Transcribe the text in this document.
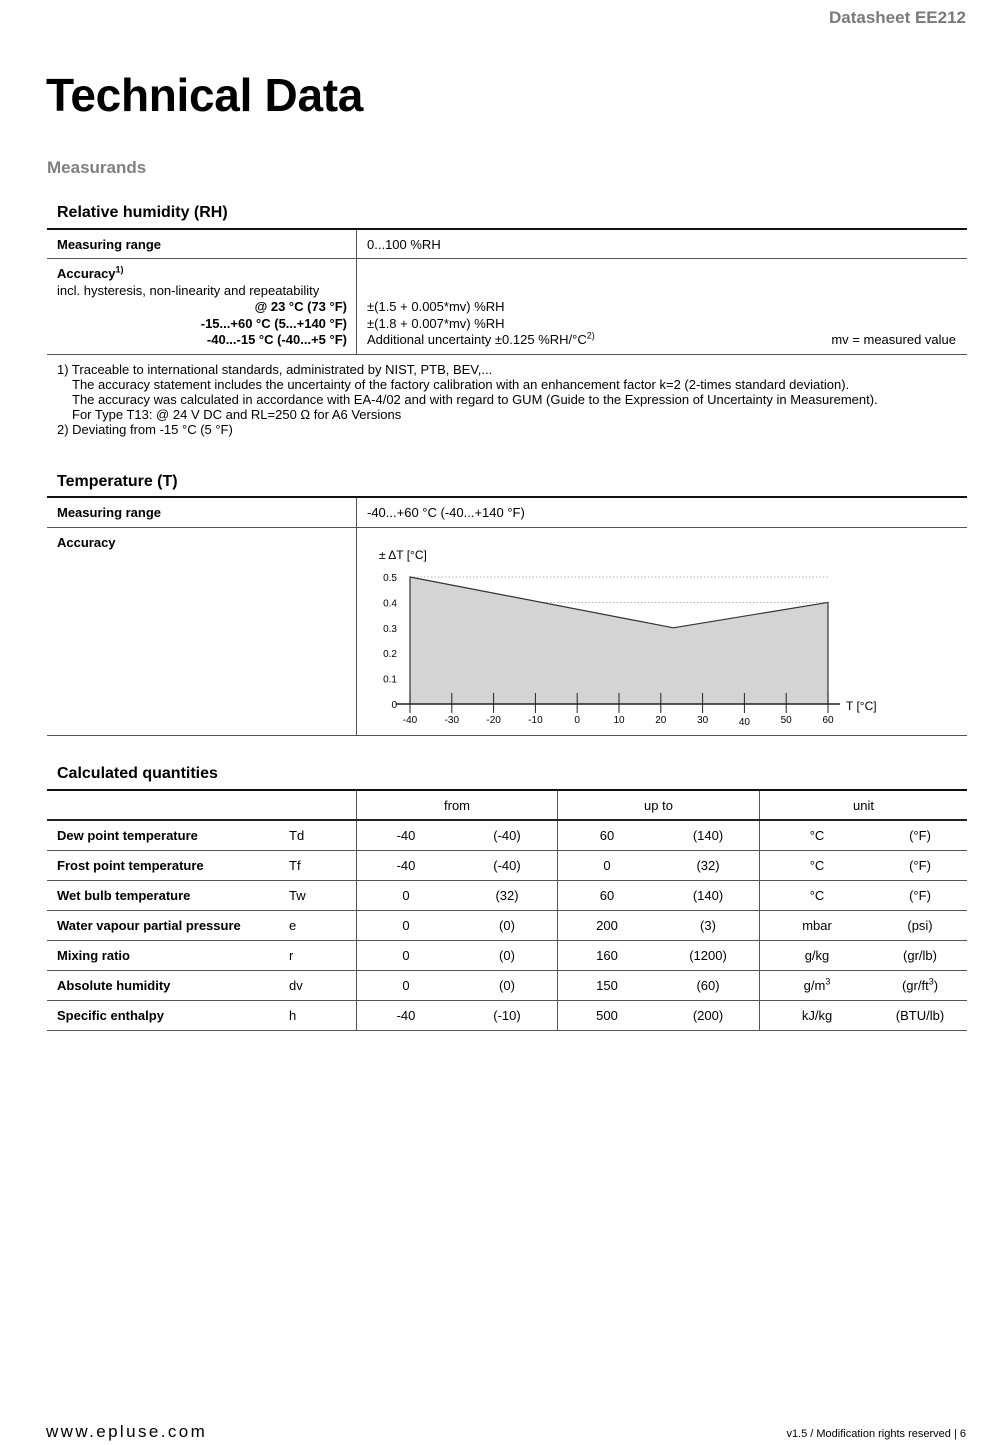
Datasheet EE212
Technical Data
Measurands
Relative humidity (RH)
Measuring range	0...100 %RH
Accuracy$^{1)}$
incl. hysteresis, non-linearity and repeatability
@ 23 °C (73 °F) ±(1.5 + 0.005*mv) %RH
-15...+60 °C (5...+140 °F) ±(1.8 + 0.007*mv) %RH
-40...-15 °C (-40...+5 °F) Additional uncertainty ±0.125 $\%RH/^\circ C^{2)}$	mv = measured value
1) Traceable to international standards, administrated by NIST, PTB, BEV,...
The accuracy statement includes the uncertainty of the factory calibration with an enhancement factor k=2 (2-times standard deviation).
The accuracy was calculated in accordance with EA-4/02 and with regard to GUM (Guide to the Expression of Uncertainty in Measurement).
For Type T13: @ 24 V DC and RL=250 Ω for A6 Versions
2) Deviating from -15 °C (5 °F)
Temperature (T)
Measuring range	-40...+60 °C (-40...+140 °F)
Accuracy
-40	-30	-20	-10	0	10	20	30	40	50	60
0
0.1
0.2
0.3
0.4
0.5
± ΔT [°C]
T [°C]
Calculated quantities
from	up to	unit
Dew point temperature	Td	-40	(-40)	60	(140)	°C	(°F)
Frost point temperature	Tf	-40	(-40)	0	(32)	°C	(°F)
Wet bulb temperature	Tw	0	(32)	60	(140)	°C	(°F)
Water vapour partial pressure	e	0	(0)	200	(3)	mbar	(psi)
Mixing ratio	r	0	(0)	160	(1200)	g/kg	(gr/lb)
Absolute humidity	dv	0	(0)	150	(60)	$g/m^3$	$(gr/ft^3)$
Specific enthalpy	h	-40	(-10)	500	(200)	kJ/kg	(BTU/lb)
www.epluse.com	v1.5 / Modification rights reserved | 6
